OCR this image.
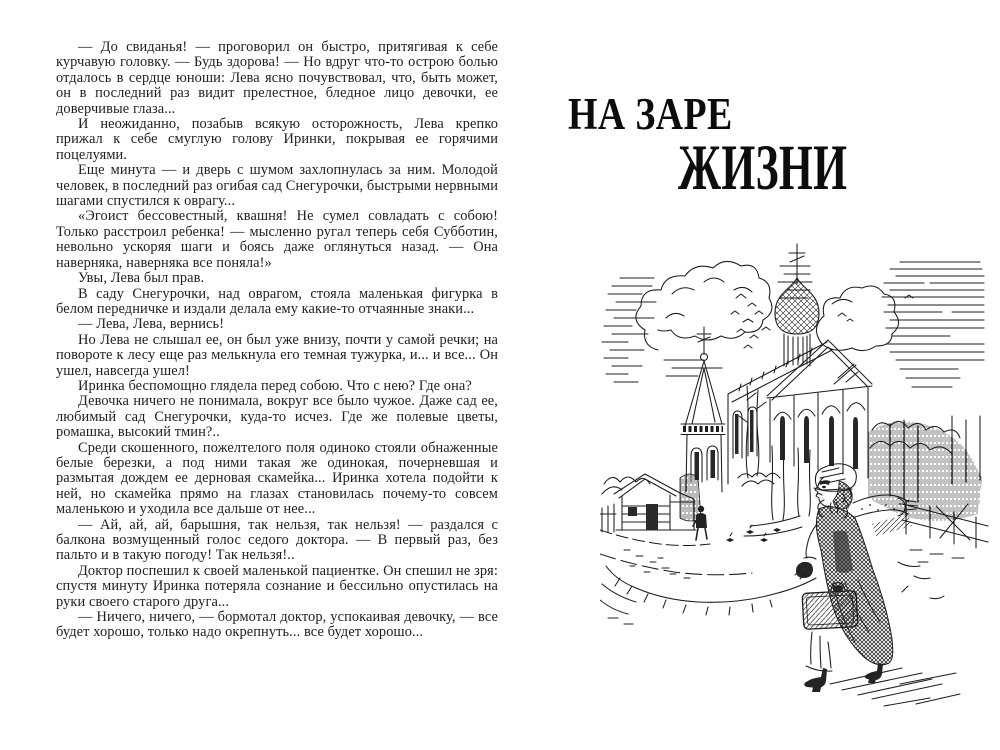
— До свиданья! — проговорил он быстро, притягивая к себе курчавую головку. — Будь здорова! — Но вдруг что-то острою болью отдалось в сердце юноши: Лева ясно почувствовал, что, быть может, он в последний раз видит прелестное, бледное лицо девочки, ее доверчивые глаза...

И неожиданно, позабыв всякую осторожность, Лева крепко прижал к себе смуглую голову Иринки, покрывая ее горячими поцелуями.

Еще минута — и дверь с шумом захлопнулась за ним. Молодой человек, в последний раз огибая сад Снегурочки, быстрыми нервными шагами спустился к оврагу...

«Эгоист бессовестный, квашня! Не сумел совладать с собою! Только расстроил ребенка! — мысленно ругал теперь себя Субботин, невольно ускоряя шаги и боясь даже оглянуться назад. — Она наверняка, наверняка все поняла!»

Увы, Лева был прав.

В саду Снегурочки, над оврагом, стояла маленькая фигурка в белом передничке и издали делала ему какие-то отчаянные знаки...

— Лева, Лева, вернись!

Но Лева не слышал ее, он был уже внизу, почти у самой речки; на повороте к лесу еще раз мелькнула его темная тужурка, и... и все... Он ушел, навсегда ушел!

Иринка беспомощно глядела перед собою. Что с нею? Где она?

Девочка ничего не понимала, вокруг все было чужое. Даже сад ее, любимый сад Снегурочки, куда-то исчез. Где же полевые цветы, ромашка, высокий тмин?..

Среди скошенного, пожелтелого поля одиноко стояли обнаженные белые березки, а под ними такая же одинокая, почерневшая и размытая дождем ее дерновая скамейка... Иринка хотела подойти к ней, но скамейка прямо на глазах становилась почему-то совсем маленькою и уходила все дальше от нее...

— Ай, ай, ай, барышня, так нельзя, так нельзя! — раздался с балкона возмущенный голос седого доктора. — В первый раз, без пальто и в такую погоду! Так нельзя!..

Доктор поспешил к своей маленькой пациентке. Он спешил не зря: спустя минуту Иринка потеряла сознание и бессильно опустилась на руки своего старого друга...

— Ничего, ничего, — бормотал доктор, успокаивая девочку, — все будет хорошо, только надо окрепнуть... все будет хорошо...

НА ЗАРЕ
ЖИЗНИ
